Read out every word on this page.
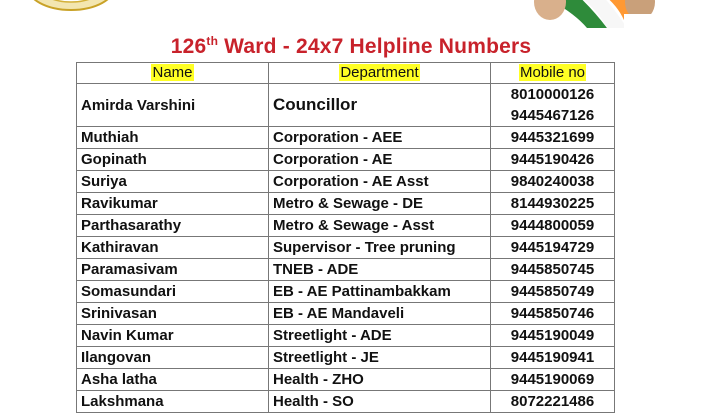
126th Ward - 24x7 Helpline Numbers
Name	Department	Mobile no
Amirda Varshini	Councillor	8010000126
9445467126

Muthiah	Corporation - AEE	9445321699
Gopinath	Corporation - AE	9445190426
Suriya	Corporation - AE Asst	9840240038
Ravikumar	Metro & Sewage - DE	8144930225
Parthasarathy	Metro & Sewage - Asst	9444800059
Kathiravan	Supervisor - Tree pruning	9445194729
Paramasivam	TNEB - ADE	9445850745
Somasundari	EB - AE Pattinambakkam	9445850749
Srinivasan	EB - AE Mandaveli	9445850746
Navin Kumar	Streetlight - ADE	9445190049
Ilangovan	Streetlight - JE	9445190941
Asha latha	Health - ZHO	9445190069
Lakshmana	Health - SO	8072221486
